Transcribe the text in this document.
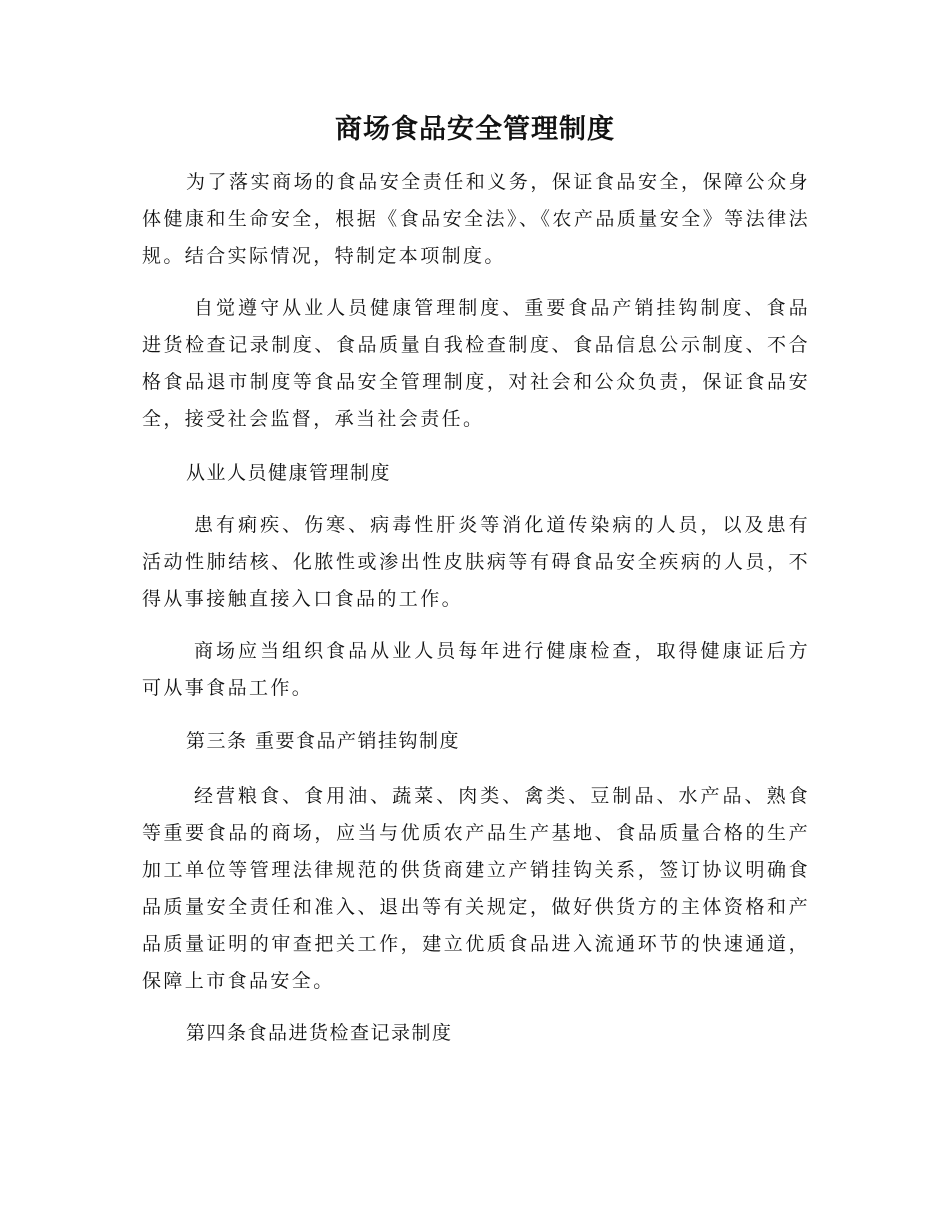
商场食品安全管理制度

为了落实商场的食品安全责任和义务，保证食品安全，保障公众身体健康和生命安全，根据《食品安全法》、《农产品质量安全》等法律法规。结合实际情况，特制定本项制度。

自觉遵守从业人员健康管理制度、重要食品产销挂钩制度、食品进货检查记录制度、食品质量自我检查制度、食品信息公示制度、不合格食品退市制度等食品安全管理制度，对社会和公众负责，保证食品安全，接受社会监督，承当社会责任。

从业人员健康管理制度

患有痢疾、伤寒、病毒性肝炎等消化道传染病的人员，以及患有活动性肺结核、化脓性或渗出性皮肤病等有碍食品安全疾病的人员，不得从事接触直接入口食品的工作。

商场应当组织食品从业人员每年进行健康检查，取得健康证后方可从事食品工作。

第三条 重要食品产销挂钩制度

经营粮食、食用油、蔬菜、肉类、禽类、豆制品、水产品、熟食等重要食品的商场，应当与优质农产品生产基地、食品质量合格的生产加工单位等管理法律规范的供货商建立产销挂钩关系，签订协议明确食品质量安全责任和准入、退出等有关规定，做好供货方的主体资格和产品质量证明的审查把关工作，建立优质食品进入流通环节的快速通道，保障上市食品安全。

第四条食品进货检查记录制度
